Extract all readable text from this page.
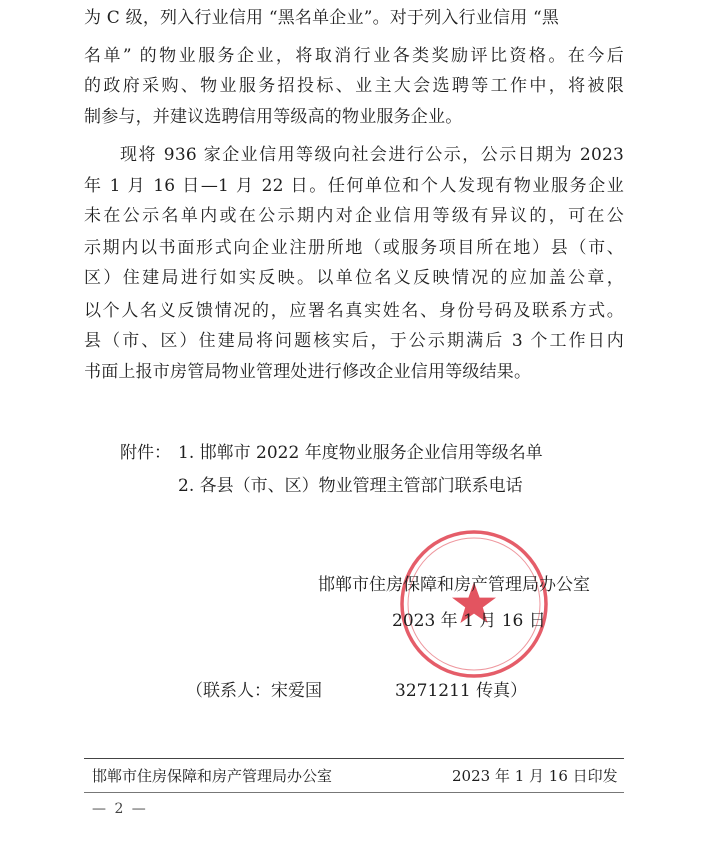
为 C 级，列入行业信用 “黑名单企业”。对于列入行业信用 “黑
名单” 的物业服务企业，将取消行业各类奖励评比资格。在今后
的政府采购、物业服务招投标、业主大会选聘等工作中，将被限
制参与，并建议选聘信用等级高的物业服务企业。
现将 936 家企业信用等级向社会进行公示，公示日期为 2023
年 1 月 16 日—1 月 22 日。任何单位和个人发现有物业服务企业
未在公示名单内或在公示期内对企业信用等级有异议的，可在公
示期内以书面形式向企业注册所地（或服务项目所在地）县（市、
区）住建局进行如实反映。以单位名义反映情况的应加盖公章，
以个人名义反馈情况的，应署名真实姓名、身份号码及联系方式。
县（市、区）住建局将问题核实后，于公示期满后 3 个工作日内
书面上报市房管局物业管理处进行修改企业信用等级结果。
附件： 1. 邯郸市 2022 年度物业服务企业信用等级名单
2. 各县（市、区）物业管理主管部门联系电话
邯郸市住房保障和房产管理局办公室
2023 年 1 月 16 日
（联系人：宋爱国	3271211 传真）
邯郸市住房保障和房产管理局办公室	2023 年 1 月 16 日印发
— 2 —
